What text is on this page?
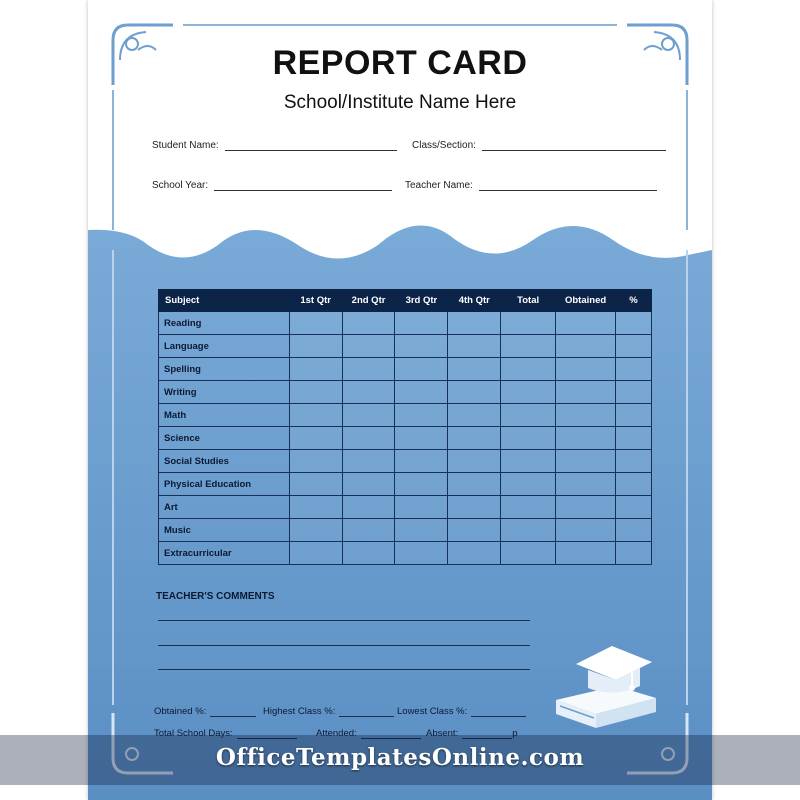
REPORT CARD
School/Institute Name Here
Student Name:	Class/Section:
School Year:	Teacher Name:
Subject	1st Qtr	2nd Qtr	3rd Qtr	4th Qtr	Total	Obtained	%
Reading							
Language							
Spelling							
Writing							
Math							
Science							
Social Studies							
Physical Education							
Art							
Music							
Extracurricular							
TEACHER'S COMMENTS
Obtained %:	Highest Class %:	Lowest Class %:
Total School Days:	Attended:	Absent:	p
OfficeTemplatesOnline.com
